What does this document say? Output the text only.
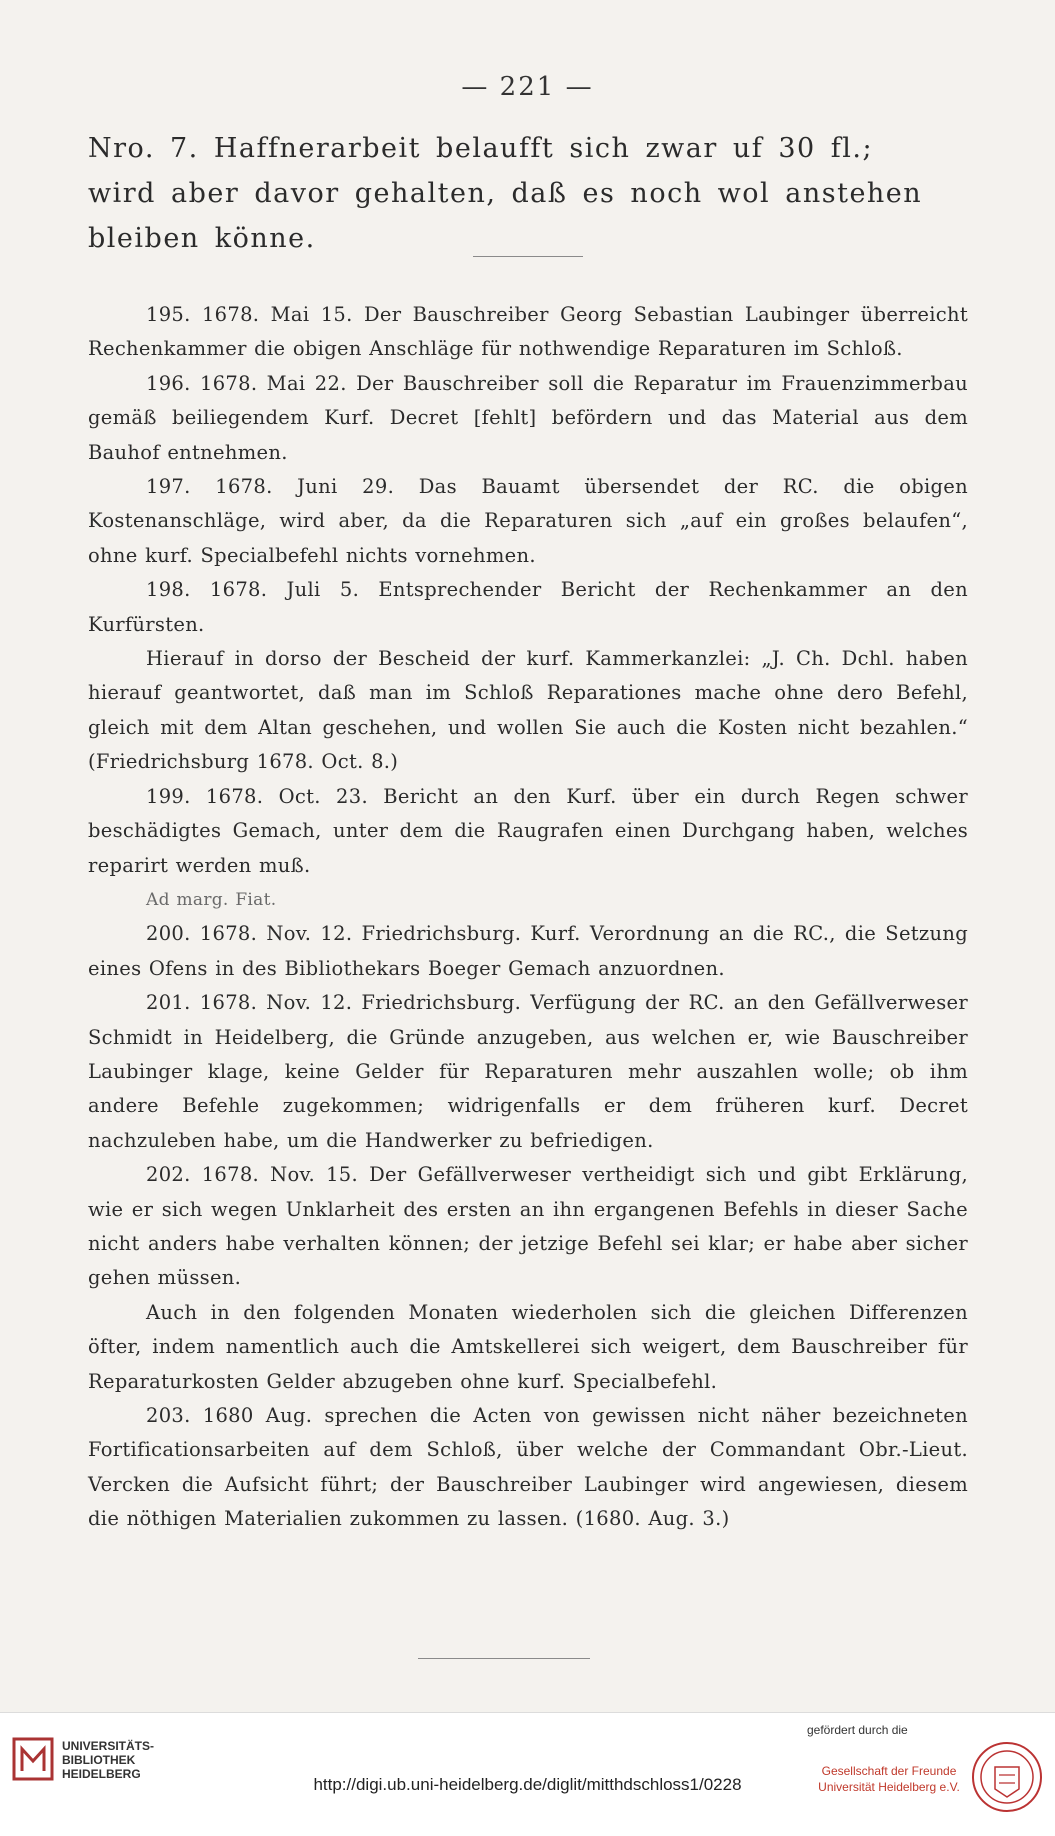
— 221 —
Nro. 7. Haffnerarbeit belaufft sich zwar uf 30 fl.;
wird aber davor gehalten, daß es noch wol anstehen
bleiben könne.

195. 1678. Mai 15. Der Bauschreiber Georg Sebastian Laubinger überreicht Rechenkammer die obigen Anschläge für nothwendige Reparaturen im Schloß.

196. 1678. Mai 22. Der Bauschreiber soll die Reparatur im Frauenzimmerbau gemäß beiliegendem Kurf. Decret [fehlt] befördern und das Material aus dem Bauhof entnehmen.

197. 1678. Juni 29. Das Bauamt übersendet der RC. die obigen Kostenanschläge, wird aber, da die Reparaturen sich „auf ein großes belaufen“, ohne kurf. Specialbefehl nichts vornehmen.

198. 1678. Juli 5. Entsprechender Bericht der Rechenkammer an den Kurfürsten.

Hierauf in dorso der Bescheid der kurf. Kammerkanzlei: „J. Ch. Dchl. haben hierauf geantwortet, daß man im Schloß Reparationes mache ohne dero Befehl, gleich mit dem Altan geschehen, und wollen Sie auch die Kosten nicht bezahlen.“ (Friedrichsburg 1678. Oct. 8.)

199. 1678. Oct. 23. Bericht an den Kurf. über ein durch Regen schwer beschädigtes Gemach, unter dem die Raugrafen einen Durchgang haben, welches reparirt werden muß.

Ad marg. Fiat.

200. 1678. Nov. 12. Friedrichsburg. Kurf. Verordnung an die RC., die Setzung eines Ofens in des Bibliothekars Boeger Gemach anzuordnen.

201. 1678. Nov. 12. Friedrichsburg. Verfügung der RC. an den Gefällverweser Schmidt in Heidelberg, die Gründe anzugeben, aus welchen er, wie Bauschreiber Laubinger klage, keine Gelder für Reparaturen mehr auszahlen wolle; ob ihm andere Befehle zugekommen; widrigenfalls er dem früheren kurf. Decret nachzuleben habe, um die Handwerker zu befriedigen.

202. 1678. Nov. 15. Der Gefällverweser vertheidigt sich und gibt Erklärung, wie er sich wegen Unklarheit des ersten an ihn ergangenen Befehls in dieser Sache nicht anders habe verhalten können; der jetzige Befehl sei klar; er habe aber sicher gehen müssen.

Auch in den folgenden Monaten wiederholen sich die gleichen Differenzen öfter, indem namentlich auch die Amtskellerei sich weigert, dem Bauschreiber für Reparaturkosten Gelder abzugeben ohne kurf. Specialbefehl.

203. 1680 Aug. sprechen die Acten von gewissen nicht näher bezeichneten Fortificationsarbeiten auf dem Schloß, über welche der Commandant Obr.-Lieut. Vercken die Aufsicht führt; der Bauschreiber Laubinger wird angewiesen, diesem die nöthigen Materialien zukommen zu lassen. (1680. Aug. 3.)

UNIVERSITÄTS-
BIBLIOTHEK
HEIDELBERG
http://digi.ub.uni-heidelberg.de/diglit/mitthdschloss1/0228
gefördert durch die
Gesellschaft der Freunde
Universität Heidelberg e.V.
